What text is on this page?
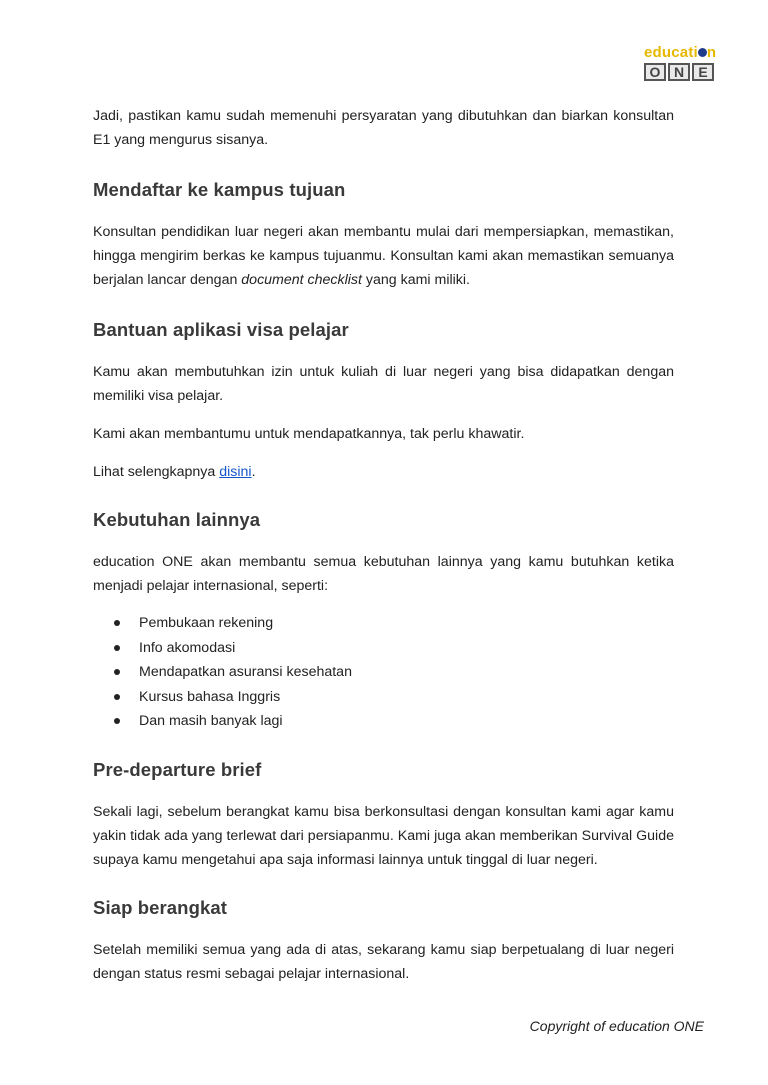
educati n
O N	E

Jadi, pastikan kamu sudah memenuhi persyaratan yang dibutuhkan dan biarkan konsultan E1 yang mengurus sisanya.

Mendaftar ke kampus tujuan

Konsultan pendidikan luar negeri akan membantu mulai dari mempersiapkan, memastikan, hingga mengirim berkas ke kampus tujuanmu. Konsultan kami akan memastikan semuanya berjalan lancar dengan document checklist yang kami miliki.

Bantuan aplikasi visa pelajar

Kamu akan membutuhkan izin untuk kuliah di luar negeri yang bisa didapatkan dengan memiliki visa pelajar.

Kami akan membantumu untuk mendapatkannya, tak perlu khawatir.

Lihat selengkapnya disini.

Kebutuhan lainnya

education ONE akan membantu semua kebutuhan lainnya yang kamu butuhkan ketika menjadi pelajar internasional, seperti:

Pembukaan rekening
Info akomodasi
Mendapatkan asuransi kesehatan
Kursus bahasa Inggris
Dan masih banyak lagi
Pre-departure brief

Sekali lagi, sebelum berangkat kamu bisa berkonsultasi dengan konsultan kami agar kamu yakin tidak ada yang terlewat dari persiapanmu. Kami juga akan memberikan Survival Guide supaya kamu mengetahui apa saja informasi lainnya untuk tinggal di luar negeri.

Siap berangkat

Setelah memiliki semua yang ada di atas, sekarang kamu siap berpetualang di luar negeri dengan status resmi sebagai pelajar internasional.

Copyright of education ONE
